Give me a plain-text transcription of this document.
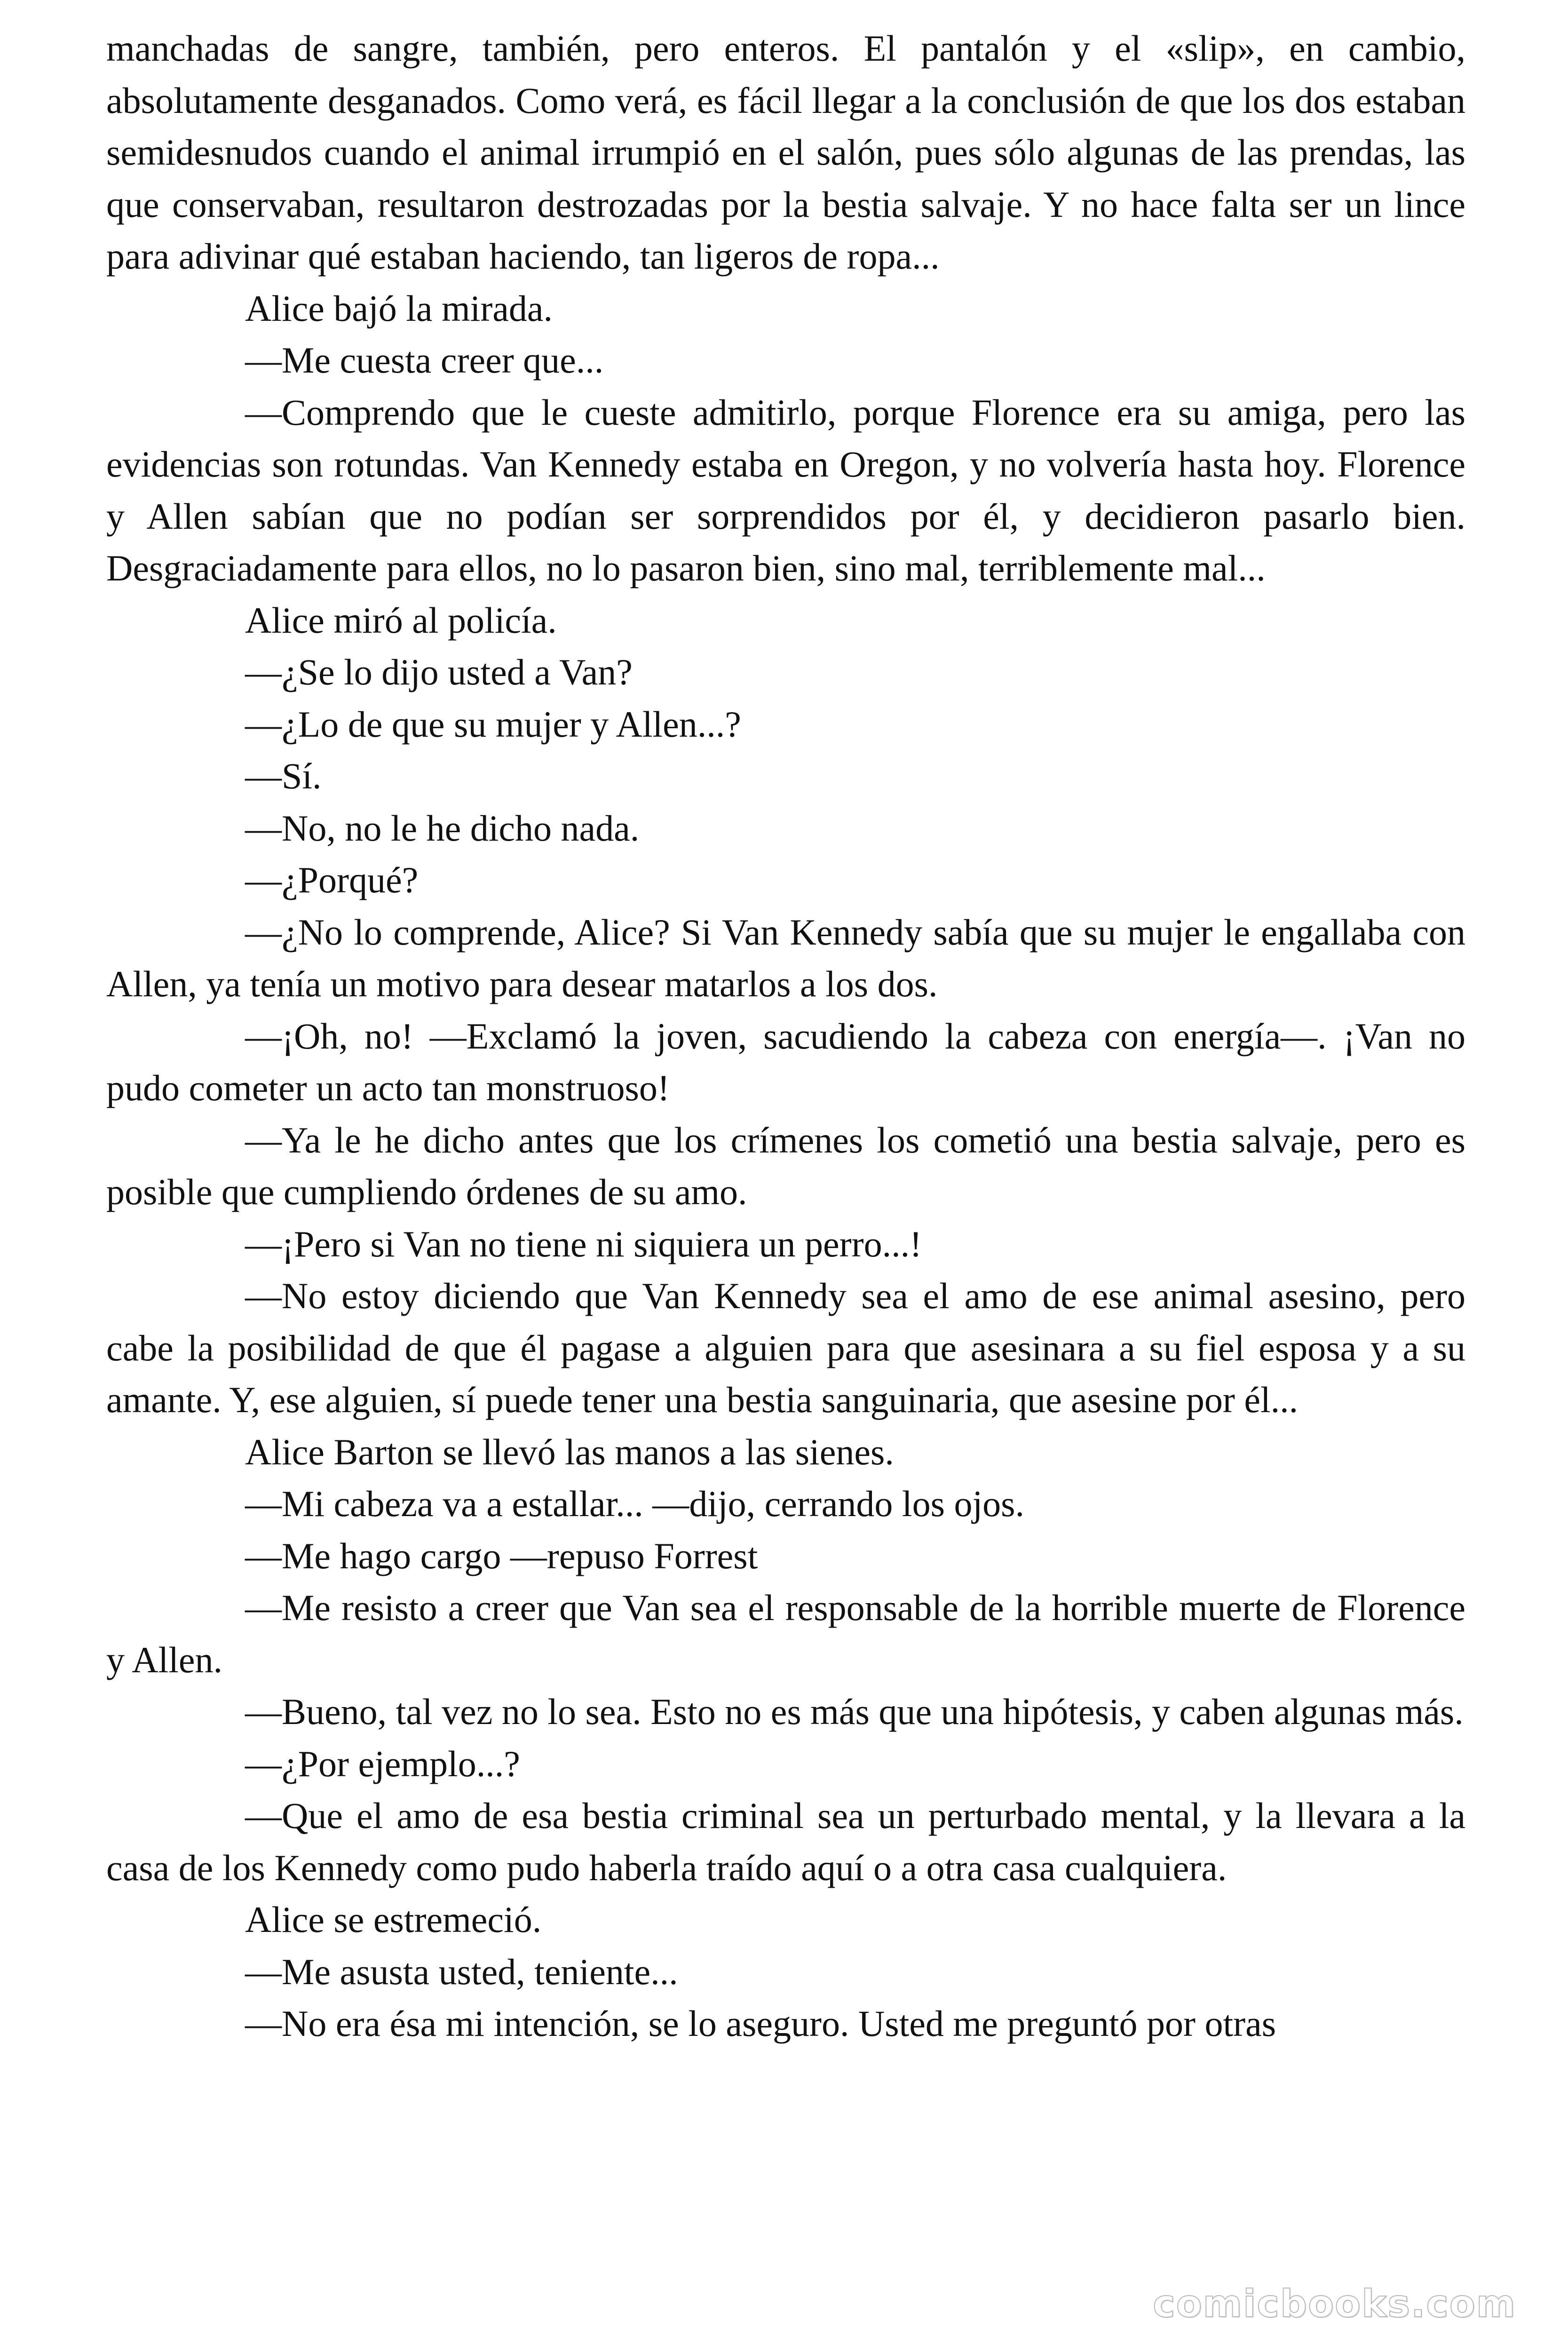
manchadas de sangre, también, pero enteros. El pantalón y el «slip», en cambio, absolutamente desganados. Como verá, es fácil llegar a la conclusión de que los dos estaban semidesnudos cuando el animal irrumpió en el salón, pues sólo algunas de las prendas, las que conservaban, resultaron destrozadas por la bestia salvaje. Y no hace falta ser un lince para adivinar qué estaban haciendo, tan ligeros de ropa...

Alice bajó la mirada.

—Me cuesta creer que...

—Comprendo que le cueste admitirlo, porque Florence era su amiga, pero las evidencias son rotundas. Van Kennedy estaba en Oregon, y no volvería hasta hoy. Florence y Allen sabían que no podían ser sorprendidos por él, y decidieron pasarlo bien. Desgraciadamente para ellos, no lo pasaron bien, sino mal, terriblemente mal...

Alice miró al policía.

—¿Se lo dijo usted a Van?

—¿Lo de que su mujer y Allen...?

—Sí.

—No, no le he dicho nada.

—¿Porqué?

—¿No lo comprende, Alice? Si Van Kennedy sabía que su mujer le engallaba con Allen, ya tenía un motivo para desear matarlos a los dos.

—¡Oh, no! —Exclamó la joven, sacudiendo la cabeza con energía—. ¡Van no pudo cometer un acto tan monstruoso!

—Ya le he dicho antes que los crímenes los cometió una bestia salvaje, pero es posible que cumpliendo órdenes de su amo.

—¡Pero si Van no tiene ni siquiera un perro...!

—No estoy diciendo que Van Kennedy sea el amo de ese animal asesino, pero cabe la posibilidad de que él pagase a alguien para que asesinara a su fiel esposa y a su amante. Y, ese alguien, sí puede tener una bestia sanguinaria, que asesine por él...

Alice Barton se llevó las manos a las sienes.

—Mi cabeza va a estallar... —dijo, cerrando los ojos.

—Me hago cargo —repuso Forrest

—Me resisto a creer que Van sea el responsable de la horrible muerte de Florence y Allen.

—Bueno, tal vez no lo sea. Esto no es más que una hipótesis, y caben algunas más.

—¿Por ejemplo...?

—Que el amo de esa bestia criminal sea un perturbado mental, y la llevara a la casa de los Kennedy como pudo haberla traído aquí o a otra casa cualquiera.

Alice se estremeció.

—Me asusta usted, teniente...

—No era ésa mi intención, se lo aseguro. Usted me preguntó por otras

comicbooks.com
